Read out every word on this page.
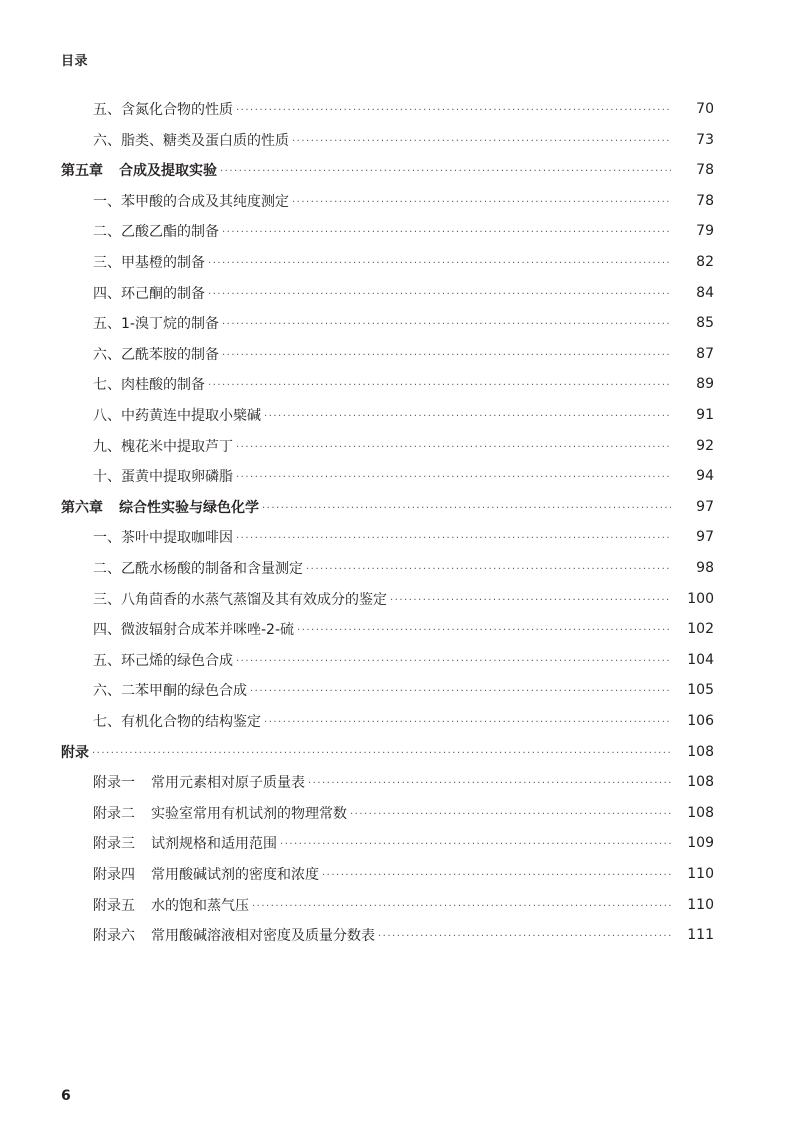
目录
五、含氮化合物的性质 ·····	70
六、脂类、糖类及蛋白质的性质 ·····	73
第五章 合成及提取实验 ·····	78
一、苯甲酸的合成及其纯度测定 ·····	78
二、乙酸乙酯的制备 ·····	79
三、甲基橙的制备 ·····	82
四、环己酮的制备 ·····	84
五、1-溴丁烷的制备 ·····	85
六、乙酰苯胺的制备 ·····	87
七、肉桂酸的制备 ·····	89
八、中药黄连中提取小檗碱 ·····	91
九、槐花米中提取芦丁 ·····	92
十、蛋黄中提取卵磷脂 ·····	94
第六章 综合性实验与绿色化学 ·····	97
一、茶叶中提取咖啡因 ·····	97
二、乙酰水杨酸的制备和含量测定 ·····	98
三、八角茴香的水蒸气蒸馏及其有效成分的鉴定 ·····	100
四、微波辐射合成苯并咪唑-2-硫 ·····	102
五、环己烯的绿色合成 ·····	104
六、二苯甲酮的绿色合成 ·····	105
七、有机化合物的结构鉴定 ·····	106
附录 ·····	108
附录一 常用元素相对原子质量表 ·····	108
附录二 实验室常用有机试剂的物理常数 ·····	108
附录三 试剂规格和适用范围 ·····	109
附录四 常用酸碱试剂的密度和浓度 ·····	110
附录五 水的饱和蒸气压 ·····	110
附录六 常用酸碱溶液相对密度及质量分数表 ·····	111
6
